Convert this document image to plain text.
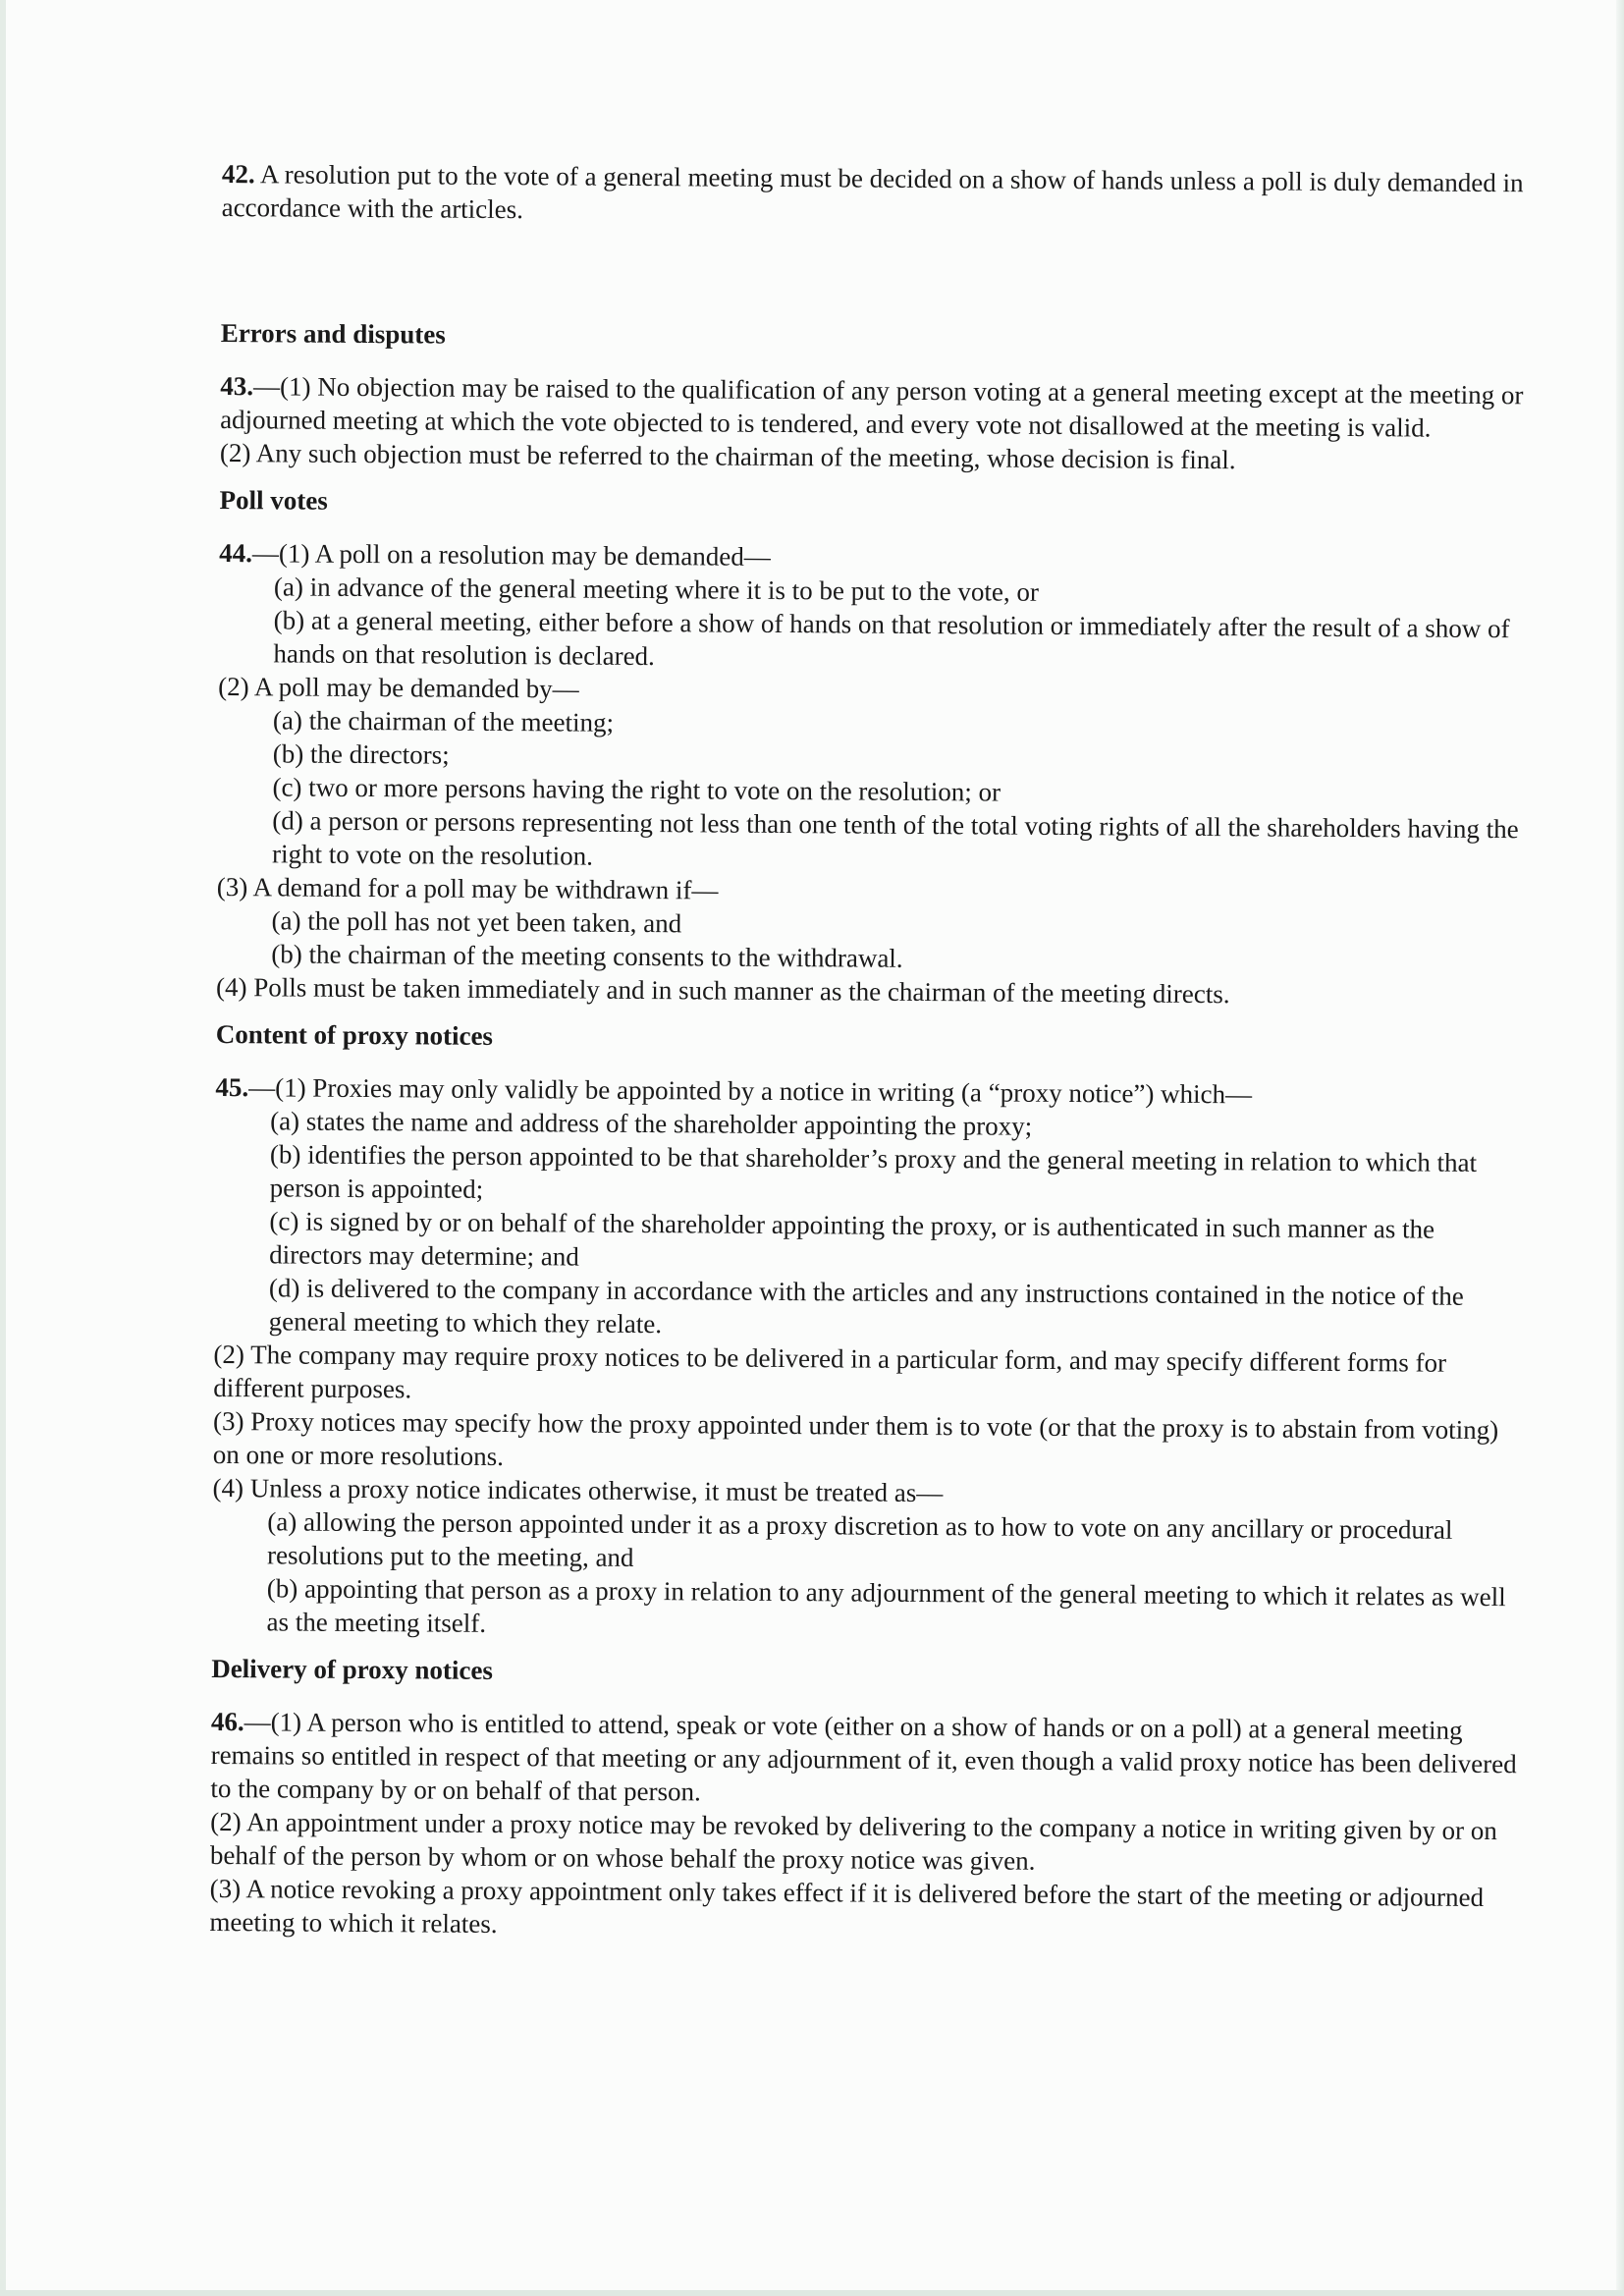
42. A resolution put to the vote of a general meeting must be decided on a show of hands unless a poll is duly demanded in accordance with the articles.

Errors and disputes

43.—(1) No objection may be raised to the qualification of any person voting at a general meeting except at the meeting or adjourned meeting at which the vote objected to is tendered, and every vote not disallowed at the meeting is valid.

(2) Any such objection must be referred to the chairman of the meeting, whose decision is final.

Poll votes

44.—(1) A poll on a resolution may be demanded—

(a) in advance of the general meeting where it is to be put to the vote, or

(b) at a general meeting, either before a show of hands on that resolution or immediately after the result of a show of hands on that resolution is declared.

(2) A poll may be demanded by—

(a) the chairman of the meeting;

(b) the directors;

(c) two or more persons having the right to vote on the resolution; or

(d) a person or persons representing not less than one tenth of the total voting rights of all the shareholders having the right to vote on the resolution.

(3) A demand for a poll may be withdrawn if—

(a) the poll has not yet been taken, and

(b) the chairman of the meeting consents to the withdrawal.

(4) Polls must be taken immediately and in such manner as the chairman of the meeting directs.

Content of proxy notices

45.—(1) Proxies may only validly be appointed by a notice in writing (a “proxy notice”) which—

(a) states the name and address of the shareholder appointing the proxy;

(b) identifies the person appointed to be that shareholder’s proxy and the general meeting in relation to which that person is appointed;

(c) is signed by or on behalf of the shareholder appointing the proxy, or is authenticated in such manner as the directors may determine; and

(d) is delivered to the company in accordance with the articles and any instructions contained in the notice of the general meeting to which they relate.

(2) The company may require proxy notices to be delivered in a particular form, and may specify different forms for different purposes.

(3) Proxy notices may specify how the proxy appointed under them is to vote (or that the proxy is to abstain from voting) on one or more resolutions.

(4) Unless a proxy notice indicates otherwise, it must be treated as—

(a) allowing the person appointed under it as a proxy discretion as to how to vote on any ancillary or procedural resolutions put to the meeting, and

(b) appointing that person as a proxy in relation to any adjournment of the general meeting to which it relates as well as the meeting itself.

Delivery of proxy notices

46.—(1) A person who is entitled to attend, speak or vote (either on a show of hands or on a poll) at a general meeting remains so entitled in respect of that meeting or any adjournment of it, even though a valid proxy notice has been delivered to the company by or on behalf of that person.

(2) An appointment under a proxy notice may be revoked by delivering to the company a notice in writing given by or on behalf of the person by whom or on whose behalf the proxy notice was given.

(3) A notice revoking a proxy appointment only takes effect if it is delivered before the start of the meeting or adjourned meeting to which it relates.
